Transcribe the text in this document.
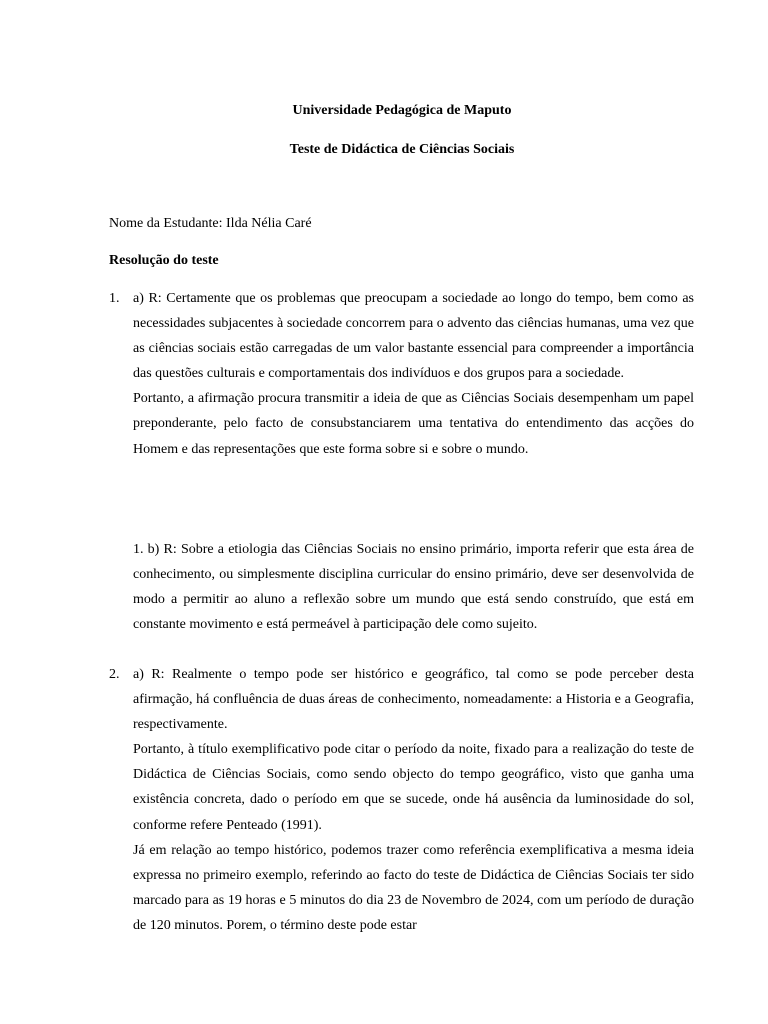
Universidade Pedagógica de Maputo
Teste de Didáctica de Ciências Sociais
Nome da Estudante: Ilda Nélia Caré
Resolução do teste
1. a) R: Certamente que os problemas que preocupam a sociedade ao longo do tempo, bem como as necessidades subjacentes à sociedade concorrem para o advento das ciências humanas, uma vez que as ciências sociais estão carregadas de um valor bastante essencial para compreender a importância das questões culturais e comportamentais dos indivíduos e dos grupos para a sociedade.

Portanto, a afirmação procura transmitir a ideia de que as Ciências Sociais desempenham um papel preponderante, pelo facto de consubstanciarem uma tentativa do entendimento das acções do Homem e das representações que este forma sobre si e sobre o mundo.

1. b) R: Sobre a etiologia das Ciências Sociais no ensino primário, importa referir que esta área de conhecimento, ou simplesmente disciplina curricular do ensino primário, deve ser desenvolvida de modo a permitir ao aluno a reflexão sobre um mundo que está sendo construído, que está em constante movimento e está permeável à participação dele como sujeito.

2. a) R: Realmente o tempo pode ser histórico e geográfico, tal como se pode perceber desta afirmação, há confluência de duas áreas de conhecimento, nomeadamente: a Historia e a Geografia, respectivamente.

Portanto, à título exemplificativo pode citar o período da noite, fixado para a realização do teste de Didáctica de Ciências Sociais, como sendo objecto do tempo geográfico, visto que ganha uma existência concreta, dado o período em que se sucede, onde há ausência da luminosidade do sol, conforme refere Penteado (1991).

Já em relação ao tempo histórico, podemos trazer como referência exemplificativa a mesma ideia expressa no primeiro exemplo, referindo ao facto do teste de Didáctica de Ciências Sociais ter sido marcado para as 19 horas e 5 minutos do dia 23 de Novembro de 2024, com um período de duração de 120 minutos. Porem, o término deste pode estar
